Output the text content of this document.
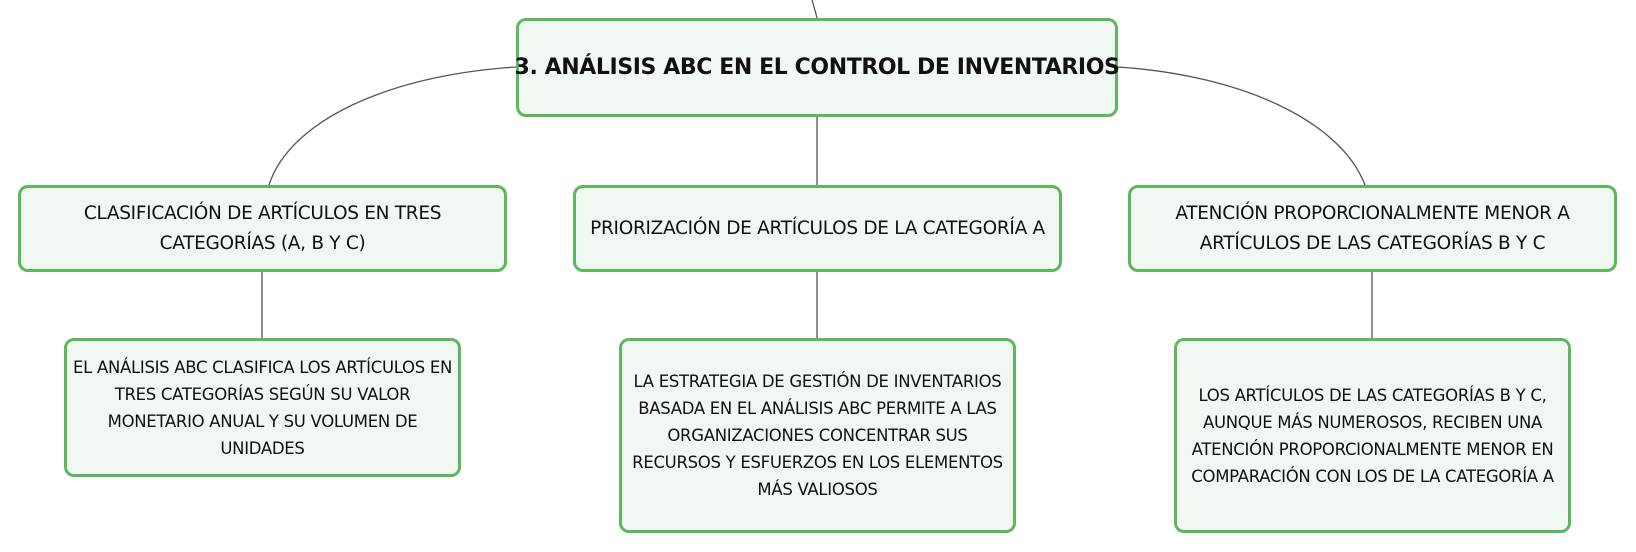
3. ANÁLISIS ABC EN EL CONTROL DE INVENTARIOS
CLASIFICACIÓN DE ARTÍCULOS EN TRES CATEGORÍAS (A, B Y C)
PRIORIZACIÓN DE ARTÍCULOS DE LA CATEGORÍA A
ATENCIÓN PROPORCIONALMENTE MENOR A ARTÍCULOS DE LAS CATEGORÍAS B Y C
EL ANÁLISIS ABC CLASIFICA LOS ARTÍCULOS EN TRES CATEGORÍAS SEGÚN SU VALOR MONETARIO ANUAL Y SU VOLUMEN DE UNIDADES
LA ESTRATEGIA DE GESTIÓN DE INVENTARIOS BASADA EN EL ANÁLISIS ABC PERMITE A LAS ORGANIZACIONES CONCENTRAR SUS RECURSOS Y ESFUERZOS EN LOS ELEMENTOS MÁS VALIOSOS
LOS ARTÍCULOS DE LAS CATEGORÍAS B Y C, AUNQUE MÁS NUMEROSOS, RECIBEN UNA ATENCIÓN PROPORCIONALMENTE MENOR EN COMPARACIÓN CON LOS DE LA CATEGORÍA A
